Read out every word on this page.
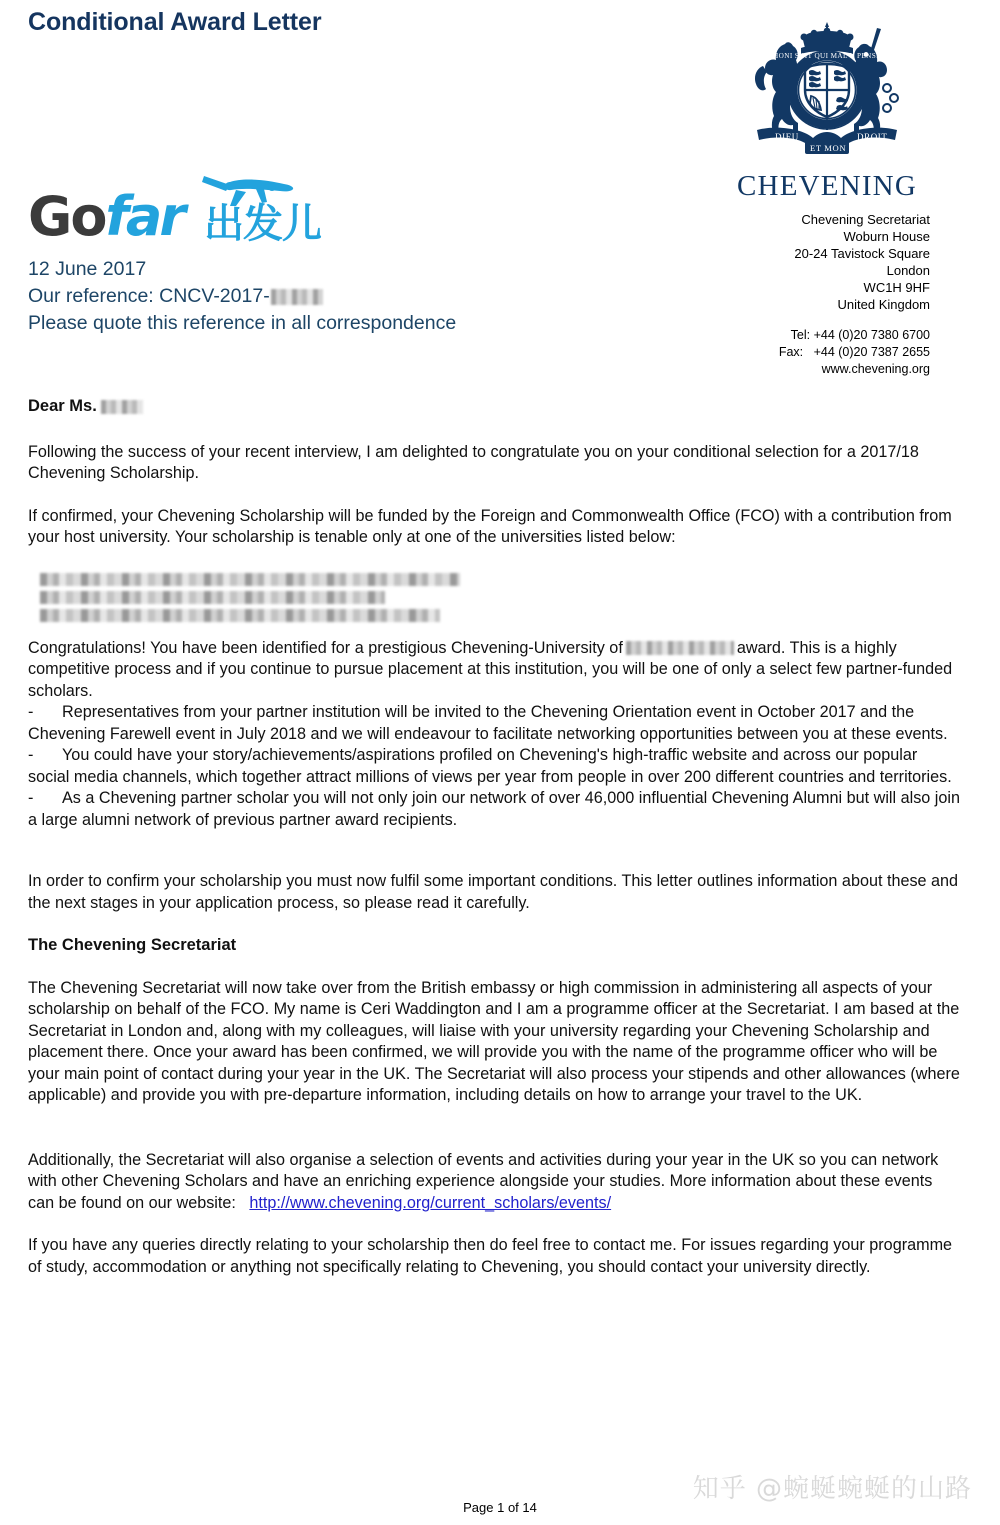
Conditional Award Letter
Gofar 出发儿
12 June 2017
Our reference: CNCV-2017-
Please quote this reference in all correspondence
DIEU	DROIT
ET MON
HONI SOIT QUI MAL Y PENSE
CHEVENING
Chevening Secretariat
Woburn House
20-24 Tavistock Square
London
WC1H 9HF
United Kingdom
Tel: +44 (0)20 7380 6700
Fax: +44 (0)20 7387 2655
www.chevening.org

Dear Ms.

Following the success of your recent interview, I am delighted to congratulate you on your conditional selection for a 2017/18 Chevening Scholarship.

If confirmed, your Chevening Scholarship will be funded by the Foreign and Commonwealth Office (FCO) with a contribution from your host university. Your scholarship is tenable only at one of the universities listed below:

Congratulations! You have been identified for a prestigious Chevening-University of	award. This is a highly competitive process and if you continue to pursue placement at this institution, you will be one of only a select few partner-funded scholars.

- Representatives from your partner institution will be invited to the Chevening Orientation event in October 2017 and the Chevening Farewell event in July 2018 and we will endeavour to facilitate networking opportunities between you at these events.

- You could have your story/achievements/aspirations profiled on Chevening's high-traffic website and across our popular social media channels, which together attract millions of views per year from people in over 200 different countries and territories.

- As a Chevening partner scholar you will not only join our network of over 46,000 influential Chevening Alumni but will also join a large alumni network of previous partner award recipients.

In order to confirm your scholarship you must now fulfil some important conditions. This letter outlines information about these and the next stages in your application process, so please read it carefully.

The Chevening Secretariat

The Chevening Secretariat will now take over from the British embassy or high commission in administering all aspects of your scholarship on behalf of the FCO. My name is Ceri Waddington and I am a programme officer at the Secretariat. I am based at the Secretariat in London and, along with my colleagues, will liaise with your university regarding your Chevening Scholarship and placement there. Once your award has been confirmed, we will provide you with the name of the programme officer who will be your main point of contact during your year in the UK. The Secretariat will also process your stipends and other allowances (where applicable) and provide you with pre-departure information, including details on how to arrange your travel to the UK.

Additionally, the Secretariat will also organise a selection of events and activities during your year in the UK so you can network with other Chevening Scholars and have an enriching experience alongside your studies. More information about these events can be found on our website: http://www.chevening.org/current_scholars/events/

If you have any queries directly relating to your scholarship then do feel free to contact me. For issues regarding your programme of study, accommodation or anything not specifically relating to Chevening, you should contact your university directly.

知乎 @蜿蜒蜿蜒的山路
Page 1 of 14
